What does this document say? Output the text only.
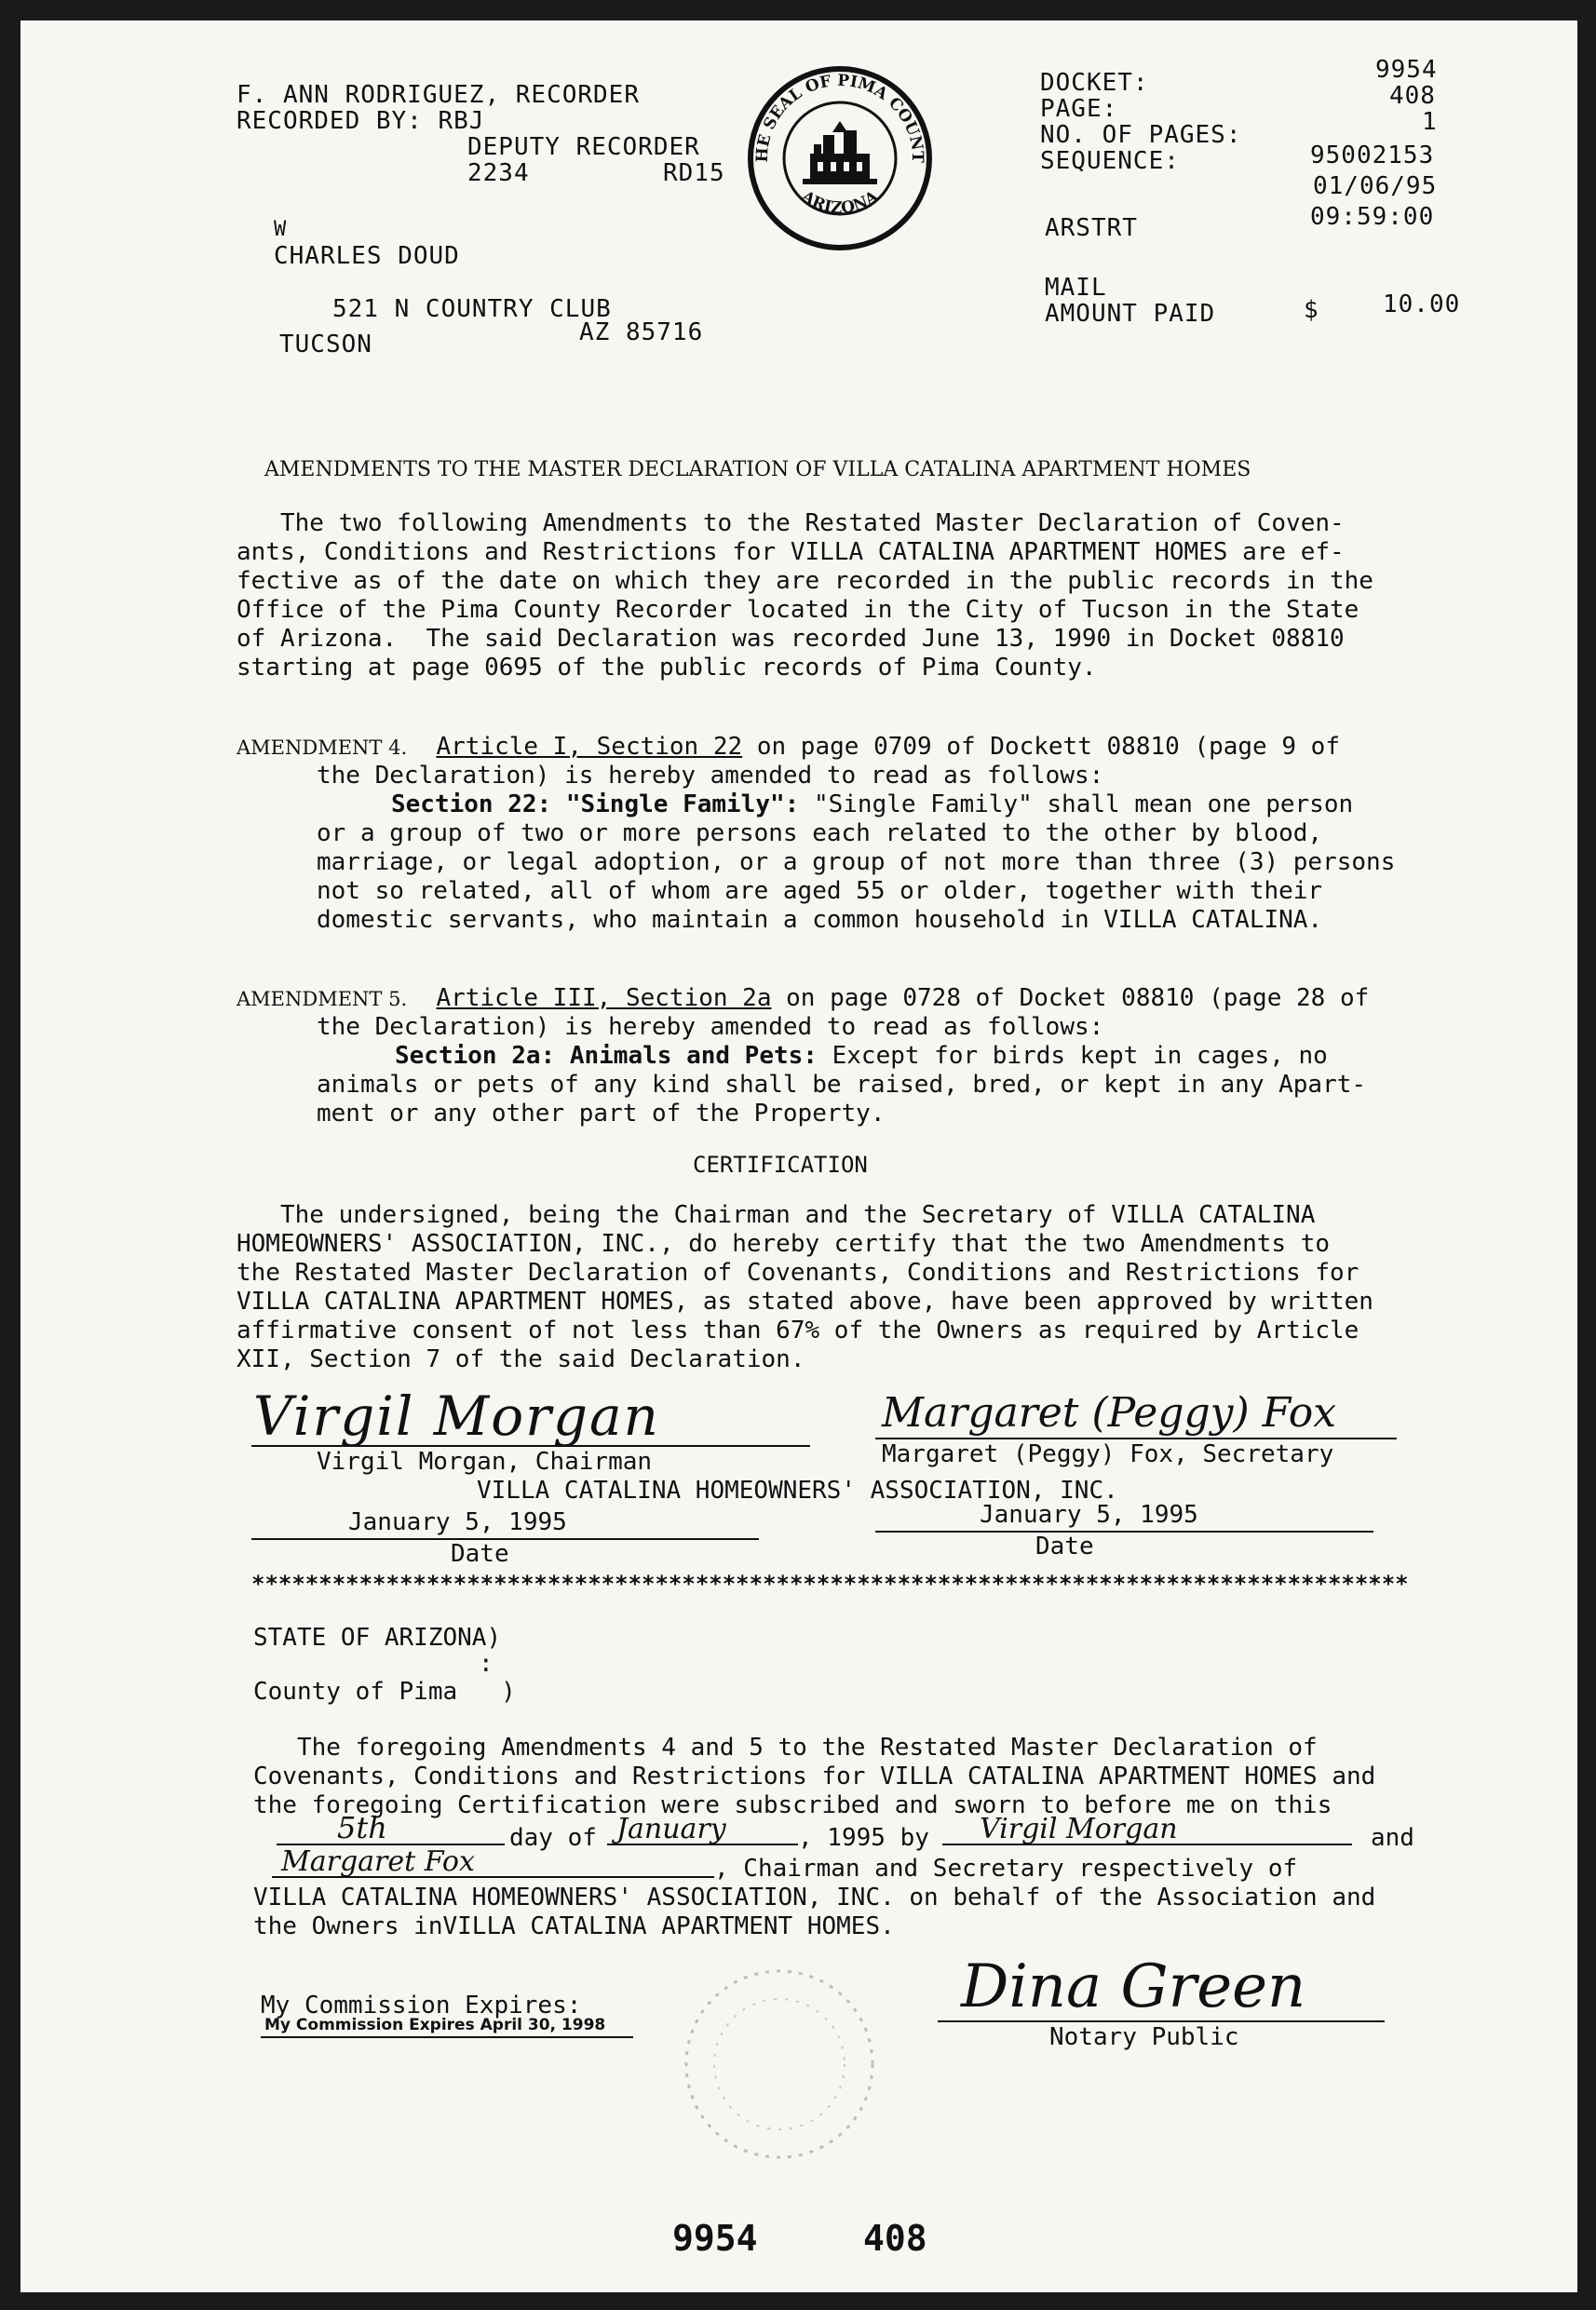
F. ANN RODRIGUEZ, RECORDER
RECORDED BY: RBJ
DEPUTY RECORDER
2234	RD15
W
CHARLES DOUD
521 N COUNTRY CLUB
TUCSON	AZ 85716
HE SEAL OF PIMA COUNT
ARIZONA
DOCKET:	9954
PAGE:	408
NO. OF PAGES:	1
SEQUENCE:	95002153
01/06/95
ARSTRT	09:59:00
MAIL
AMOUNT PAID	$	10.00
AMENDMENTS TO THE MASTER DECLARATION OF VILLA CATALINA APARTMENT HOMES
The two following Amendments to the Restated Master Declaration of Coven-
ants, Conditions and Restrictions for VILLA CATALINA APARTMENT HOMES are ef-
fective as of the date on which they are recorded in the public records in the
Office of the Pima County Recorder located in the City of Tucson in the State
of Arizona.  The said Declaration was recorded June 13, 1990 in Docket 08810
starting at page 0695 of the public records of Pima County.
AMENDMENT 4. Article I, Section 22 on page 0709 of Dockett 08810 (page 9 of
the Declaration) is hereby amended to read as follows:
Section 22: "Single Family": "Single Family" shall mean one person
or a group of two or more persons each related to the other by blood,
marriage, or legal adoption, or a group of not more than three (3) persons
not so related, all of whom are aged 55 or older, together with their
domestic servants, who maintain a common household in VILLA CATALINA.
AMENDMENT 5. Article III, Section 2a on page 0728 of Docket 08810 (page 28 of
the Declaration) is hereby amended to read as follows:
Section 2a: Animals and Pets: Except for birds kept in cages, no
animals or pets of any kind shall be raised, bred, or kept in any Apart-
ment or any other part of the Property.
CERTIFICATION
The undersigned, being the Chairman and the Secretary of VILLA CATALINA
HOMEOWNERS' ASSOCIATION, INC., do hereby certify that the two Amendments to
the Restated Master Declaration of Covenants, Conditions and Restrictions for
VILLA CATALINA APARTMENT HOMES, as stated above, have been approved by written
affirmative consent of not less than 67% of the Owners as required by Article
XII, Section 7 of the said Declaration.
Virgil Morgan
Virgil Morgan, Chairman
VILLA CATALINA HOMEOWNERS' ASSOCIATION, INC.
January 5, 1995
Date
Margaret (Peggy) Fox
Margaret (Peggy) Fox, Secretary
January 5, 1995
Date
**************************************************************************************
STATE OF ARIZONA)
:
County of Pima   )
The foregoing Amendments 4 and 5 to the Restated Master Declaration of
Covenants, Conditions and Restrictions for VILLA CATALINA APARTMENT HOMES and
the foregoing Certification were subscribed and sworn to before me on this
5th	day of January	, 1995 by Virgil Morgan	and
Margaret Fox	, Chairman and Secretary respectively of
VILLA CATALINA HOMEOWNERS' ASSOCIATION, INC. on behalf of the Association and
the Owners inVILLA CATALINA APARTMENT HOMES.
My Commission Expires:
My Commission Expires April 30, 1998
Dina Green
Notary Public
9954	408
